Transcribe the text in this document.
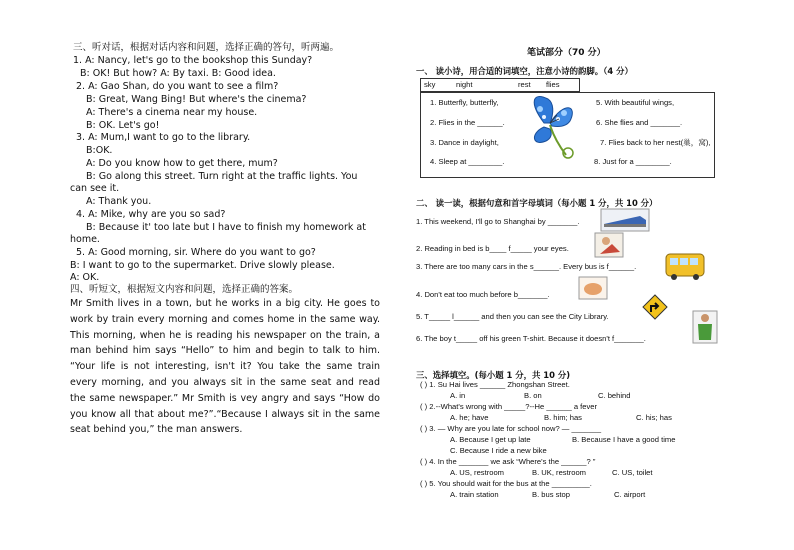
三、听对话，根据对话内容和问题，选择正确的答句，听两遍。
1. A: Nancy, let's go to the bookshop this Sunday?
B: OK! But how? A: By taxi. B: Good idea.
2. A: Gao Shan, do you want to see a film?
B: Great, Wang Bing! But where's the cinema?
A: There's a cinema near my house.
B: OK. Let's go!
3. A: Mum,I want to go to the library.
B:OK.
A: Do you know how to get there, mum?
B: Go along this street. Turn right at the traffic lights. You
can see it.
A: Thank you.
4. A: Mike, why are you so sad?
B: Because it' too late but I have to finish my homework at
home.
5. A: Good morning, sir. Where do you want to go?
B: I want to go to the supermarket. Drive slowly please.
A: OK.
四、听短文，根据短文内容和问题，选择正确的答案。
Mr Smith lives in a town, but he works in a big city. He goes to work by train every morning and comes home in the same way. This morning, when he is reading his newspaper on the train, a man behind him says “Hello” to him and begin to talk to him. “Your life is not interesting, isn't it? You take the same train every morning, and you always sit in the same seat and read the same newspaper.” Mr Smith is vey angry and says “How do you know all that about me?”.“Because I always sit in the same seat behind you,” the man answers.
笔试部分（70 分）
一、 读小诗，用合适的词填空，注意小诗的韵脚。（4 分）
sky	night	rest flies
1. Butterfly, butterfly,	5. With beautiful wings,
2. Flies in the ______.	6. She flies and _______.
3. Dance in daylight,	7. Flies back to her nest(巢，窝),
4. Sleep at ________.	8. Just for a ________.
二、 读一读，根据句意和首字母填词（每小题 1 分，共 10 分）
1. This weekend, I'll go to Shanghai by _______.
2. Reading in bed is b____ f_____ your eyes.
3. There are too many cars in the s______. Every bus is f______.
4. Don't eat too much before b_______.
5. T_____ l______ and then you can see the City Library.
6. The boy t_____ off his green T-shirt. Because it doesn't f_______.
三、选择填空。(每小题 1 分，共 10 分)
( ) 1. Su Hai lives ______ Zhongshan Street.
A. in	B. on	C. behind
( ) 2.--What's wrong with _____?--He ______ a fever
A. he; have	B. him; has	C. his; has
( ) 3. — Why are you late for school now? — _______
A. Because I get up late	B. Because I have a good time
C. Because I ride a new bike
( ) 4. In the _______ we ask “Where's the ______? ”
A. US, restroom	B. UK, restroom	C. US, toilet
( ) 5. You should wait for the bus at the _________.
A. train station	B. bus stop	C. airport
